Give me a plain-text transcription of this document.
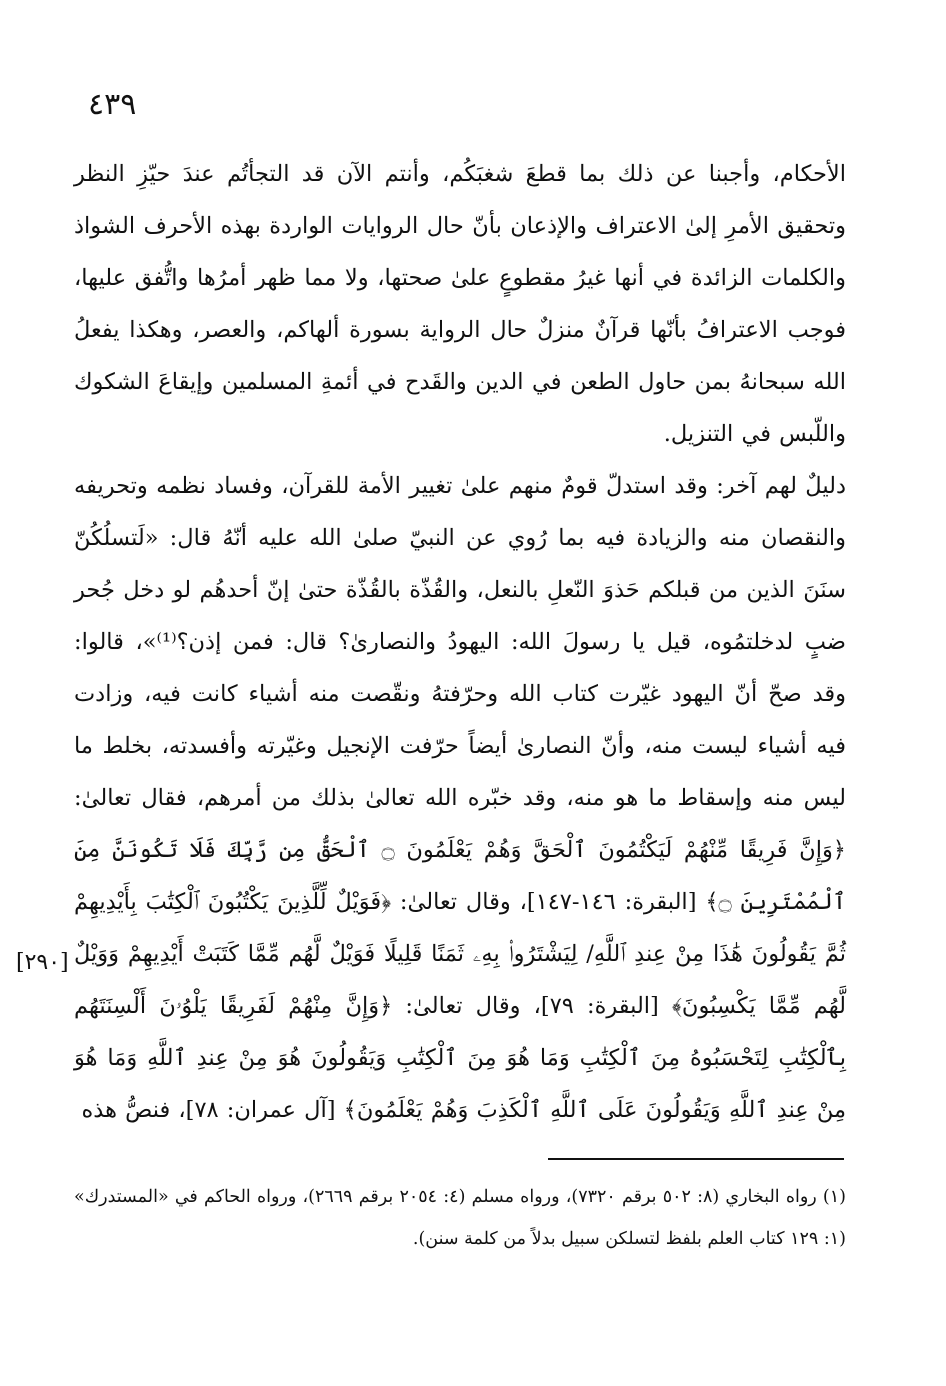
٤٣٩

الأحكام، وأجبنا عن ذلك بما قطعَ شغبَكُم، وأنتم الآن قد التجأتُم عندَ حيّزِ النظر وتحقيق الأمرِ إلىٰ الاعتراف والإذعان بأنّ حال الروايات الواردة بهذه الأحرف الشواذ والكلمات الزائدة في أنها غيرُ مقطوعٍ علىٰ صحتها، ولا مما ظهر أمرُها واتُّفق عليها، فوجب الاعترافُ بأنّها قرآنٌ منزلٌ حال الرواية بسورة ألهاكم، والعصر، وهكذا يفعلُ الله سبحانهُ بمن حاول الطعن في الدين والقَدح في أئمةِ المسلمين وإيقاعَ الشكوك واللّبس في التنزيل.

دليلٌ لهم آخر: وقد استدلّ قومٌ منهم علىٰ تغيير الأمة للقرآن، وفساد نظمه وتحريفه والنقصان منه والزيادة فيه بما رُوي عن النبيّ صلىٰ الله عليه أنّهُ قال: «لَتسلُكُنّ سنَنَ الذين من قبلكم حَذوَ النّعلِ بالنعل، والقُذّة بالقُذّة حتىٰ إنّ أحدهُم لو دخل جُحر ضبٍ لدخلتمُوه، قيل يا رسولَ الله: اليهودُ والنصارىٰ؟ قال: فمن إذن؟⁽¹⁾»، قالوا: وقد صحّ أنّ اليهود غيّرت كتاب الله وحرّفتهُ ونقّصت منه أشياء كانت فيه، وزادت فيه أشياء ليست منه، وأنّ النصارىٰ أيضاً حرّفت الإنجيل وغيّرته وأفسدته، بخلط ما ليس منه وإسقاط ما هو منه، وقد خبّره الله تعالىٰ بذلك من أمرهم، فقال تعالىٰ: ﴿وَإِنَّ فَرِيقًا مِّنْهُمْ لَيَكْتُمُونَ ٱلْحَقَّ وَهُمْ يَعْلَمُونَ ۝ ٱلْحَقُّ مِن رَّبِّكَ فَلَا تَكُونَنَّ مِنَ ٱلْمُمْتَرِينَ ۝﴾ [البقرة: ١٤٦-١٤٧]، وقال تعالىٰ: ﴿فَوَيْلٌ لِّلَّذِينَ يَكْتُبُونَ ٱلْكِتَٰبَ بِأَيْدِيهِمْ ثُمَّ يَقُولُونَ هَٰذَا مِنْ عِندِ ٱللَّهِ/ لِيَشْتَرُوا۟ بِهِۦ ثَمَنًا قَلِيلًا فَوَيْلٌ لَّهُم مِّمَّا كَتَبَتْ أَيْدِيهِمْ وَوَيْلٌ لَّهُم مِّمَّا يَكْسِبُونَ﴾ [البقرة: ٧٩]، وقال تعالىٰ: ﴿وَإِنَّ مِنْهُمْ لَفَرِيقًا يَلْوُۥنَ أَلْسِنَتَهُم بِٱلْكِتَٰبِ لِتَحْسَبُوهُ مِنَ ٱلْكِتَٰبِ وَمَا هُوَ مِنَ ٱلْكِتَٰبِ وَيَقُولُونَ هُوَ مِنْ عِندِ ٱللَّهِ وَمَا هُوَ مِنْ عِندِ ٱللَّهِ وَيَقُولُونَ عَلَى ٱللَّهِ ٱلْكَذِبَ وَهُمْ يَعْلَمُونَ﴾ [آل عمران: ٧٨]، فنصُّ هذه

[٢٩٠]

(١) رواه البخاري (٨: ٥٠٢ برقم ٧٣٢٠)، ورواه مسلم (٤: ٢٠٥٤ برقم ٢٦٦٩)، ورواه الحاكم في «المستدرك» (١: ١٢٩ كتاب العلم بلفظ لتسلكن سبيل بدلاً من كلمة سنن).
